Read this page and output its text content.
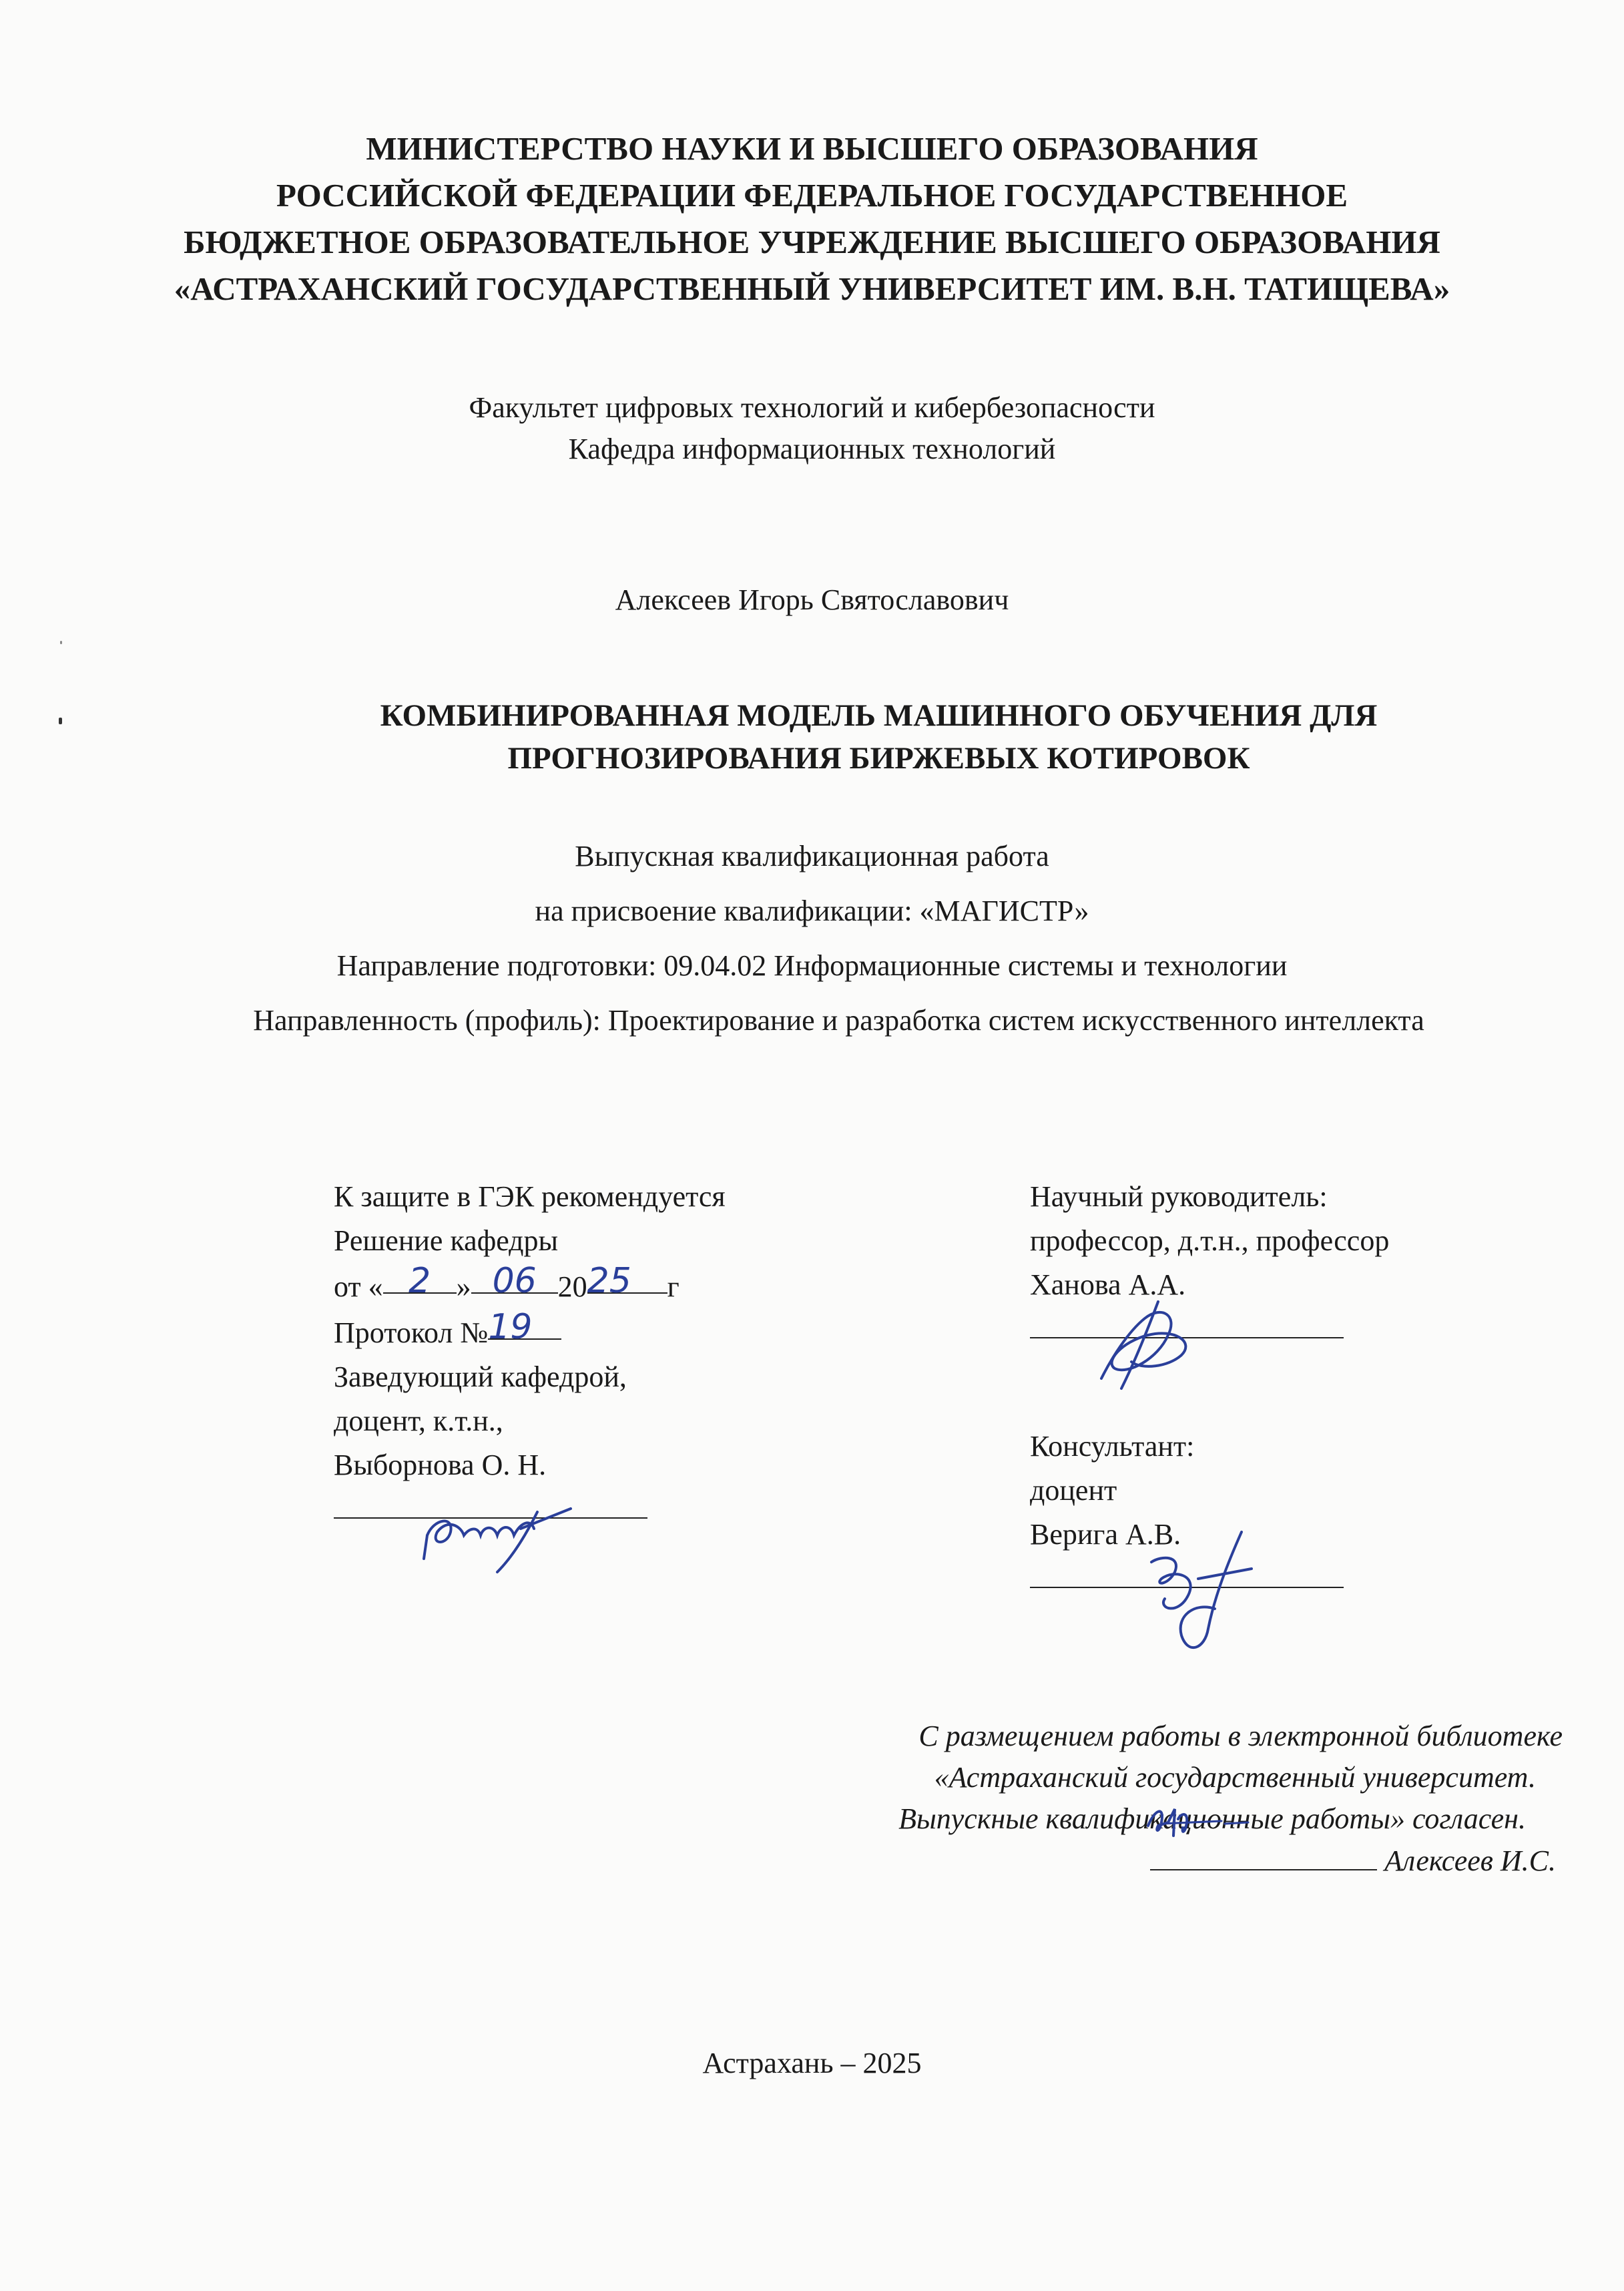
МИНИСТЕРСТВО НАУКИ И ВЫСШЕГО ОБРАЗОВАНИЯ
РОССИЙСКОЙ ФЕДЕРАЦИИ ФЕДЕРАЛЬНОЕ ГОСУДАРСТВЕННОЕ
БЮДЖЕТНОЕ ОБРАЗОВАТЕЛЬНОЕ УЧРЕЖДЕНИЕ ВЫСШЕГО ОБРАЗОВАНИЯ
«АСТРАХАНСКИЙ ГОСУДАРСТВЕННЫЙ УНИВЕРСИТЕТ ИМ. В.Н. ТАТИЩЕВА»
Факультет цифровых технологий и кибербезопасности
Кафедра информационных технологий
Алексеев Игорь Святославович
КОМБИНИРОВАННАЯ МОДЕЛЬ МАШИННОГО ОБУЧЕНИЯ ДЛЯ
ПРОГНОЗИРОВАНИЯ БИРЖЕВЫХ КОТИРОВОК
Выпускная квалификационная работа
на присвоение квалификации: «МАГИСТР»
Направление подготовки: 09.04.02 Информационные системы и технологии
Направленность (профиль): Проектирование и разработка систем искусственного интеллекта
К защите в ГЭК рекомендуется
Решение кафедры
от « 2 » 06 2025 г
Протокол №19
Заведующий кафедрой,
доцент, к.т.н.,
Выборнова О. Н.
Научный руководитель:
профессор, д.т.н., профессор
Ханова А.А.
Консультант:
доцент
Верига А.В.
С размещением работы в электронной библиотеке
«Астраханский государственный университет.
Выпускные квалификационные работы» согласен.
Алексеев И.С.
Астрахань – 2025
